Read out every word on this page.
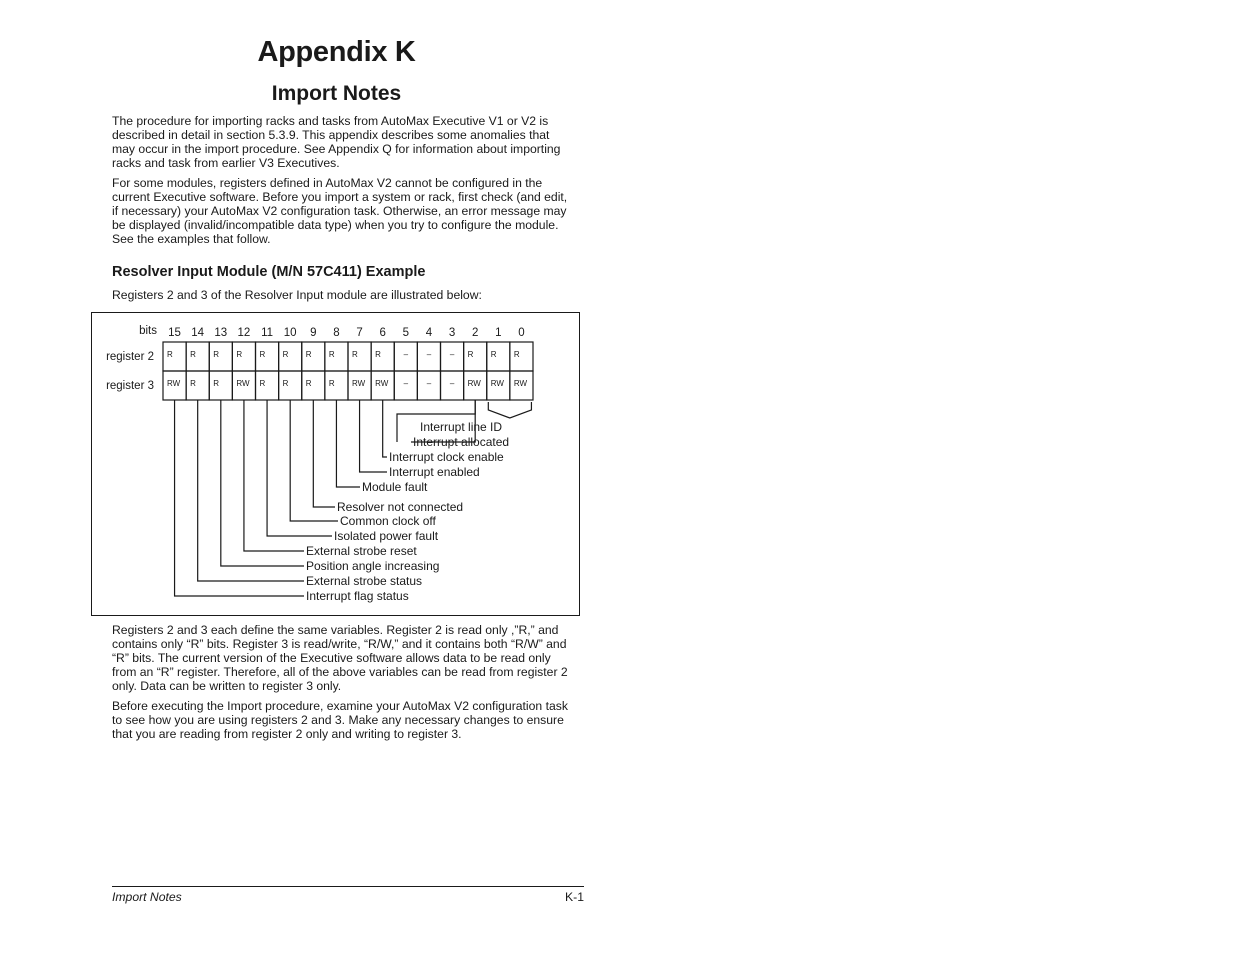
Appendix K
Import Notes

The procedure for importing racks and tasks from AutoMax Executive V1 or V2 is described in detail in section 5.3.9. This appendix describes some anomalies that may occur in the import procedure. See Appendix Q for information about importing racks and task from earlier V3 Executives.

For some modules, registers defined in AutoMax V2 cannot be configured in the current Executive software. Before you import a system or rack, first check (and edit, if necessary) your AutoMax V2 configuration task. Otherwise, an error message may be displayed (invalid/incompatible data type) when you try to configure the module. See the examples that follow.

Resolver Input Module (M/N 57C411) Example

Registers 2 and 3 of the Resolver Input module are illustrated below:

bits 15 14 13 12 11 10 9 8 7 6 5 4 3 2 1 0
register 2 R R R R R R R R R R	– – – R R R
register 3 RW R R RW R R R R RW RW – – – RW RW RW
Interrupt line ID
Interrupt allocated
Interrupt clock enable
Interrupt enabled
Module fault
Resolver not connected
Common clock off
Isolated power fault
External strobe reset
Position angle increasing
External strobe status
Interrupt flag status

Registers 2 and 3 each define the same variables. Register 2 is read only ,”R,” and contains only “R” bits. Register 3 is read/write, “R/W,” and it contains both “R/W” and “R” bits. The current version of the Executive software allows data to be read only from an “R” register. Therefore, all of the above variables can be read from register 2 only. Data can be written to register 3 only.

Before executing the Import procedure, examine your AutoMax V2 configuration task to see how you are using registers 2 and 3. Make any necessary changes to ensure that you are reading from register 2 only and writing to register 3.

Import Notes	K-1
